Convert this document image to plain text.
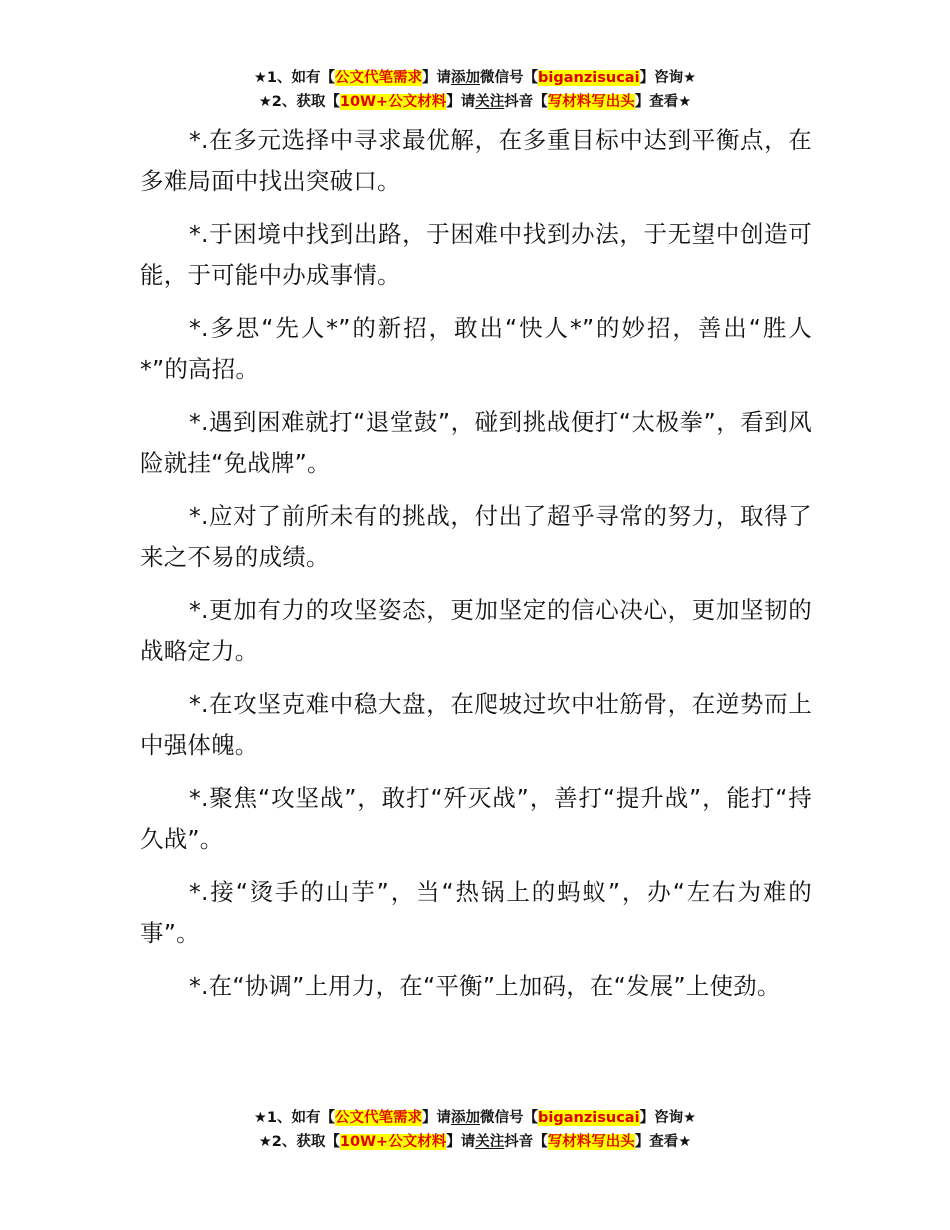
★1、如有【公文代笔需求】请添加微信号【biganzisucai】咨询★
★2、获取【10W+公文材料】请关注抖音【写材料写出头】查看★

*.在多元选择中寻求最优解，在多重目标中达到平衡点，在多难局面中找出突破口。

*.于困境中找到出路，于困难中找到办法，于无望中创造可能，于可能中办成事情。

*.多思“先人*”的新招，敢出“快人*”的妙招，善出“胜人*”的高招。

*.遇到困难就打“退堂鼓”，碰到挑战便打“太极拳”，看到风险就挂“免战牌”。

*.应对了前所未有的挑战，付出了超乎寻常的努力，取得了来之不易的成绩。

*.更加有力的攻坚姿态，更加坚定的信心决心，更加坚韧的战略定力。

*.在攻坚克难中稳大盘，在爬坡过坎中壮筋骨，在逆势而上中强体魄。

*.聚焦“攻坚战”，敢打“歼灭战”，善打“提升战”，能打“持久战”。

*.接“烫手的山芋”，当“热锅上的蚂蚁”，办“左右为难的事”。

*.在“协调”上用力，在“平衡”上加码，在“发展”上使劲。

★1、如有【公文代笔需求】请添加微信号【biganzisucai】咨询★
★2、获取【10W+公文材料】请关注抖音【写材料写出头】查看★
